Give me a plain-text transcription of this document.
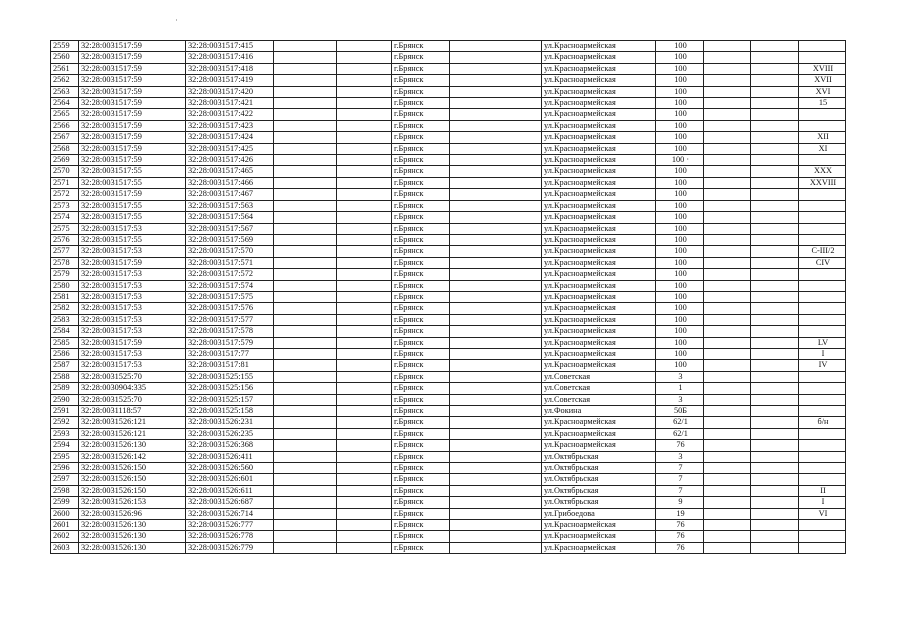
2559	32:28:0031517:59	32:28:0031517:415			г.Брянск		ул.Красноармейская	100			
2560	32:28:0031517:59	32:28:0031517:416			г.Брянск		ул.Красноармейская	100			
2561	32:28:0031517:59	32:28:0031517:418			г.Брянск		ул.Красноармейская	100			XVIII
2562	32:28:0031517:59	32:28:0031517:419			г.Брянск		ул.Красноармейская	100			XVII
2563	32:28:0031517:59	32:28:0031517:420			г.Брянск		ул.Красноармейская	100			XVI
2564	32:28:0031517:59	32:28:0031517:421			г.Брянск		ул.Красноармейская	100			15
2565	32:28:0031517:59	32:28:0031517:422			г.Брянск		ул.Красноармейская	100			
2566	32:28:0031517:59	32:28:0031517:423			г.Брянск		ул.Красноармейская	100			
2567	32:28:0031517:59	32:28:0031517:424			г.Брянск		ул.Красноармейская	100			XII
2568	32:28:0031517:59	32:28:0031517:425			г.Брянск		ул.Красноармейская	100			XI
2569	32:28:0031517:59	32:28:0031517:426			г.Брянск		ул.Красноармейская	100 ·			
2570	32:28:0031517:55	32:28:0031517:465			г.Брянск		ул.Красноармейская	100			XXX
2571	32:28:0031517:55	32:28:0031517:466			г.Брянск		ул.Красноармейская	100			XXVIII
2572	32:28:0031517:59	32:28:0031517:467			г.Брянск		ул.Красноармейская	100			
2573	32:28:0031517:55	32:28:0031517:563			г.Брянск		ул.Красноармейская	100			
2574	32:28:0031517:55	32:28:0031517:564			г.Брянск		ул.Красноармейская	100			
2575	32:28:0031517:53	32:28:0031517:567			г.Брянск		ул.Красноармейская	100			
2576	32:28:0031517:55	32:28:0031517:569			г.Брянск		ул.Красноармейская	100			
2577	32:28:0031517:53	32:28:0031517:570			г.Брянск		ул.Красноармейская	100			С-III/2
2578	32:28:0031517:59	32:28:0031517:571			г.Брянск		ул.Красноармейская	100			CIV
2579	32:28:0031517:53	32:28:0031517:572			г.Брянск		ул.Красноармейская	100			
2580	32:28:0031517:53	32:28:0031517:574			г.Брянск		ул.Красноармейская	100			
2581	32:28:0031517:53	32:28:0031517:575			г.Брянск		ул.Красноармейская	100			
2582	32:28:0031517:53	32:28:0031517:576			г.Брянск		ул.Красноармейская	100			
2583	32:28:0031517:53	32:28:0031517:577			г.Брянск		ул.Красноармейская	100			
2584	32:28:0031517:53	32:28:0031517:578			г.Брянск		ул.Красноармейская	100			
2585	32:28:0031517:59	32:28:0031517:579			г.Брянск		ул.Красноармейская	100			LV
2586	32:28:0031517:53	32:28:0031517:77			г.Брянск		ул.Красноармейская	100			I
2587	32:28:0031517:53	32:28:0031517:81			г.Брянск		ул.Красноармейская	100			IV
2588	32:28:0031525:70	32:28:0031525:155			г.Брянск		ул.Советская	3			
2589	32:28:0030904:335	32:28:0031525:156			г.Брянск		ул.Советская	1			
2590	32:28:0031525:70	32:28:0031525:157			г.Брянск		ул.Советская	3			
2591	32:28:0031118:57	32:28:0031525:158			г.Брянск		ул.Фокина	50Б			
2592	32:28:0031526:121	32:28:0031526:231			г.Брянск		ул.Красноармейская	62/1			б/н
2593	32:28:0031526:121	32:28:0031526:235			г.Брянск		ул.Красноармейская	62/1			
2594	32:28:0031526:130	32:28:0031526:368			г.Брянск		ул.Красноармейская	76			
2595	32:28:0031526:142	32:28:0031526:411			г.Брянск		ул.Октябрьская	3			
2596	32:28:0031526:150	32:28:0031526:560			г.Брянск		ул.Октябрьская	7			
2597	32:28:0031526:150	32:28:0031526:601			г.Брянск		ул.Октябрьская	7			
2598	32:28:0031526:150	32:28:0031526:611			г.Брянск		ул.Октябрьская	7			II
2599	32:28:0031526:153	32:28:0031526:687			г.Брянск		ул.Октябрьская	9			I
2600	32:28:0031526:96	32:28:0031526:714			г.Брянск		ул.Грибоедова	19			VI
2601	32:28:0031526:130	32:28:0031526:777			г.Брянск		ул.Красноармейская	76			
2602	32:28:0031526:130	32:28:0031526:778			г.Брянск		ул.Красноармейская	76			
2603	32:28:0031526:130	32:28:0031526:779			г.Брянск		ул.Красноармейская	76			
